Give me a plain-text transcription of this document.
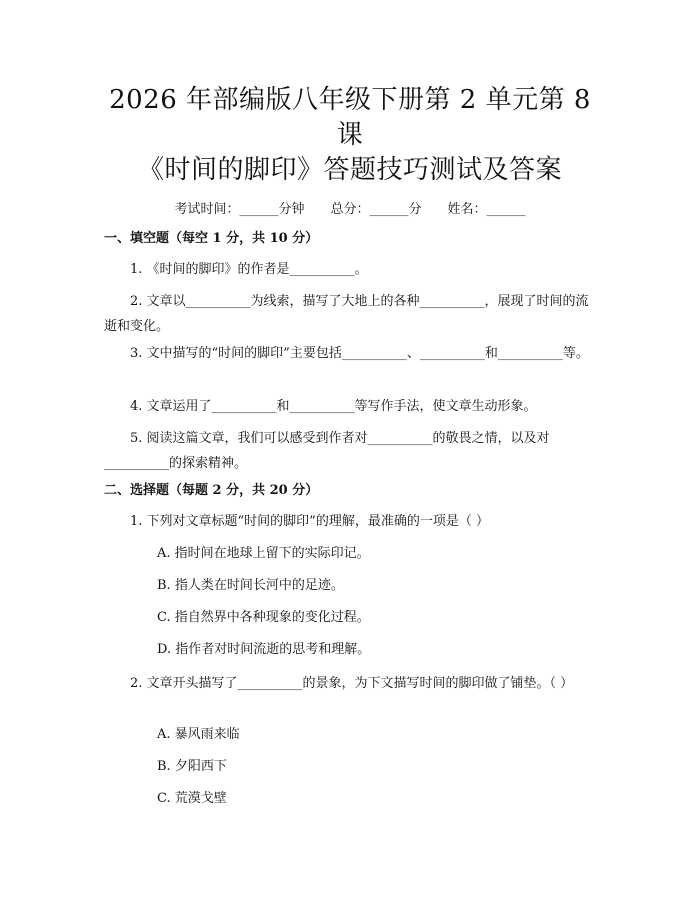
2026 年部编版八年级下册第 2 单元第 8 课
《时间的脚印》答题技巧测试及答案
考试时间：______分钟 总分：______分 姓名：______
一、填空题（每空 1 分，共 10 分）
1. 《时间的脚印》的作者是__________。
2. 文章以__________为线索，描写了大地上的各种__________，展现了时间的流逝和变化。
3. 文中描写的“时间的脚印”主要包括__________、__________和__________等。
4. 文章运用了__________和__________等写作手法，使文章生动形象。
5. 阅读这篇文章，我们可以感受到作者对__________的敬畏之情，以及对__________的探索精神。
二、选择题（每题 2 分，共 20 分）
1. 下列对文章标题“时间的脚印”的理解，最准确的一项是（ ）
A. 指时间在地球上留下的实际印记。
B. 指人类在时间长河中的足迹。
C. 指自然界中各种现象的变化过程。
D. 指作者对时间流逝的思考和理解。
2. 文章开头描写了__________的景象，为下文描写时间的脚印做了铺垫。（ ）
A. 暴风雨来临
B. 夕阳西下
C. 荒漠戈壁
